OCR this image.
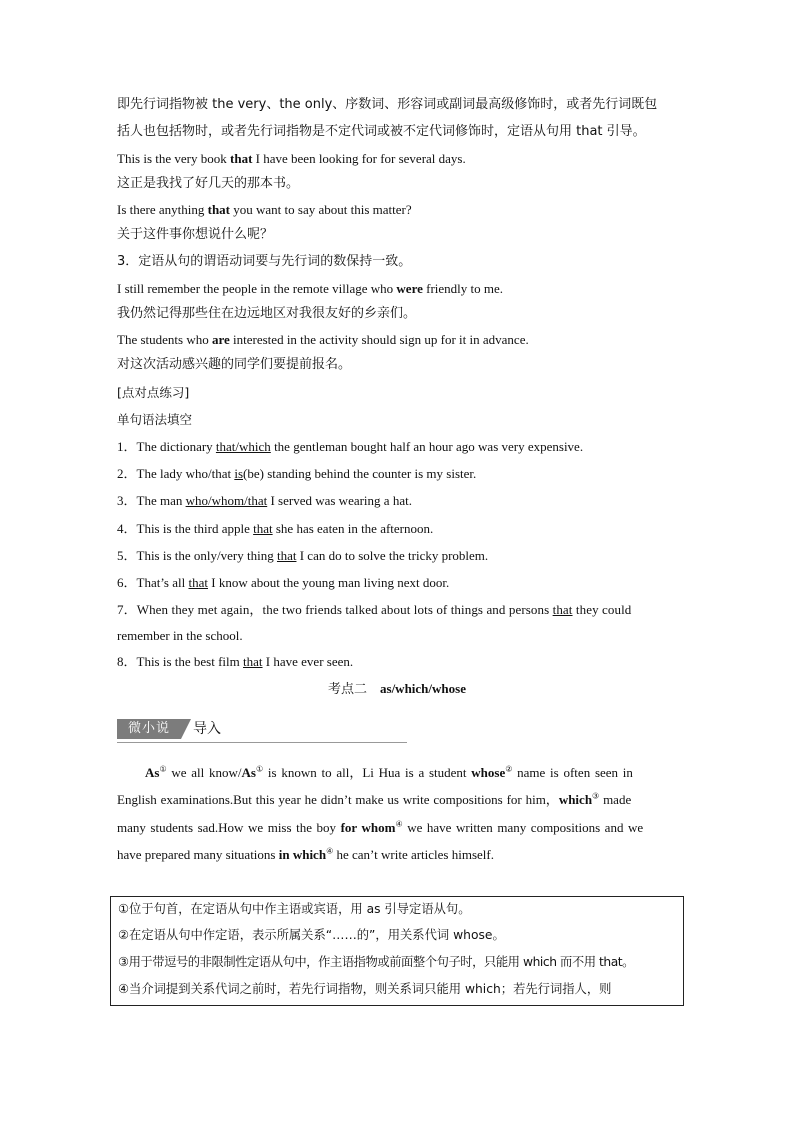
即先行词指物被 the very、the only、序数词、形容词或副词最高级修饰时，或者先行词既包
括人也包括物时，或者先行词指物是不定代词或被不定代词修饰时，定语从句用 that 引导。
This is the very book that I have been looking for for several days.
这正是我找了好几天的那本书。
Is there anything that you want to say about this matter?
关于这件事你想说什么呢？
3．定语从句的谓语动词要与先行词的数保持一致。
I still remember the people in the remote village who were friendly to me.
我仍然记得那些住在边远地区对我很友好的乡亲们。
The students who are interested in the activity should sign up for it in advance.
对这次活动感兴趣的同学们要提前报名。
[点对点练习]
单句语法填空
1．The dictionary that/which the gentleman bought half an hour ago was very expensive.
2．The lady who/that is(be) standing behind the counter is my sister.
3．The man who/whom/that I served was wearing a hat.
4．This is the third apple that she has eaten in the afternoon.
5．This is the only/very thing that I can do to solve the tricky problem.
6．That’s all that I know about the young man living next door.
7．When they met again，the two friends talked about lots of things and persons that they could
remember in the school.
8．This is the best film that I have ever seen.
考点二 as/which/whose
微小说	导入
As① we all know/As① is known to all，Li Hua is a student whose② name is often seen in
English examinations.But this year he didn’t make us write compositions for him，which③ made
many students sad.How we miss the boy for whom④ we have written many compositions and we
have prepared many situations in which④ he can’t write articles himself.
①位于句首，在定语从句中作主语或宾语，用 as 引导定语从句。
②在定语从句中作定语，表示所属关系“……的”，用关系代词 whose。
③用于带逗号的非限制性定语从句中，作主语指物或前面整个句子时，只能用 which 而不用 that。
④当介词提到关系代词之前时，若先行词指物，则关系词只能用 which；若先行词指人，则
